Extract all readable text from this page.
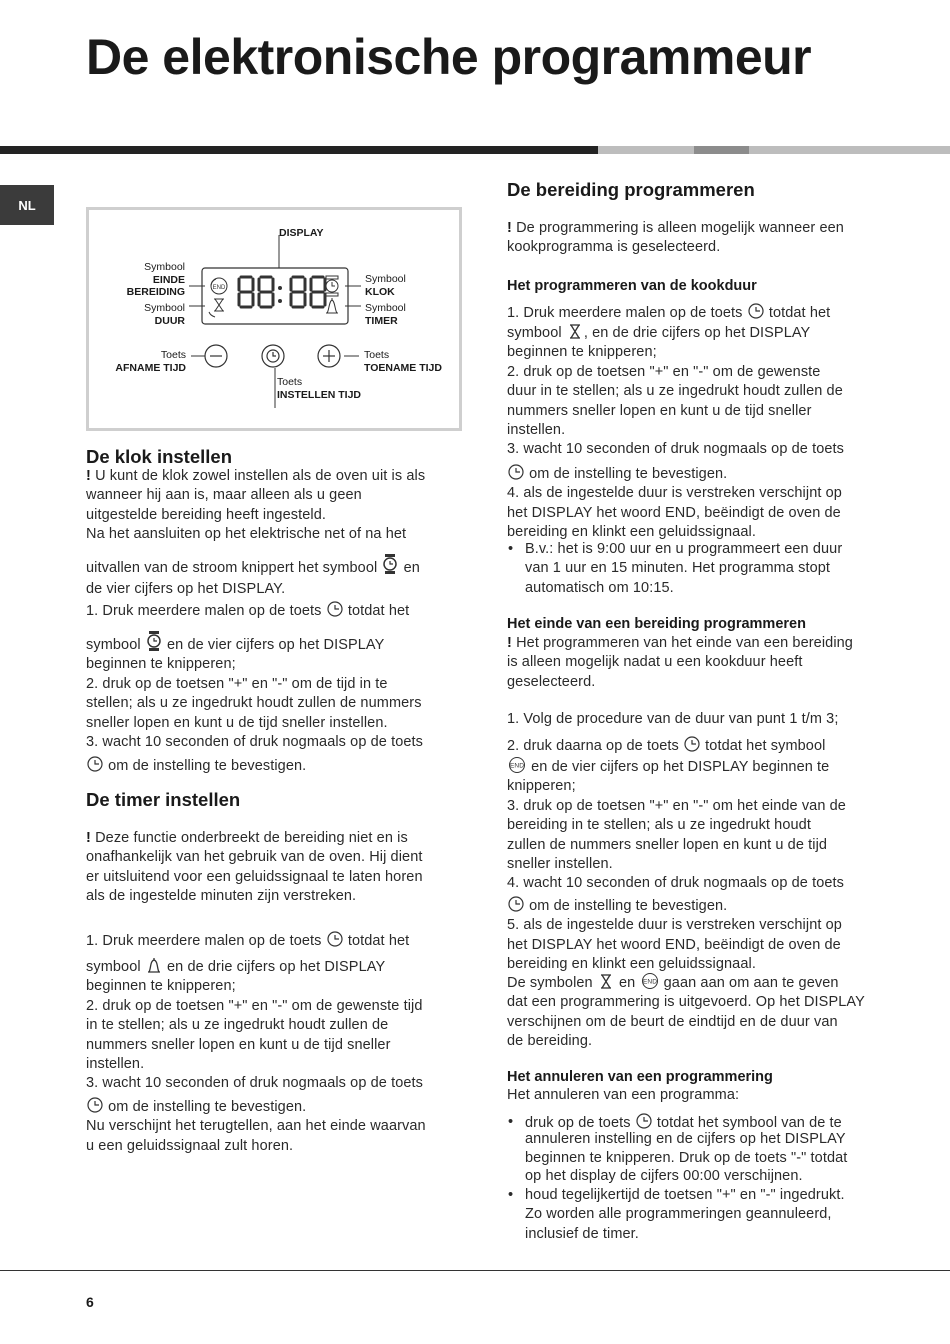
De elektronische programmeur
NL
END
DISPLAY
Symbool
EINDE
BEREIDING
Symbool
DUUR
Symbool
KLOK
Symbool
TIMER
Toets
AFNAME TIJD
Toets
TOENAME TIJD
Toets
INSTELLEN TIJD
De klok instellen
! U kunt de klok zowel instellen als de oven uit is als
wanneer hij aan is, maar alleen als u geen
uitgestelde bereiding heeft ingesteld.
Na het aansluiten op het elektrische net of na het
uitvallen van de stroom knippert het symbool en
de vier cijfers op het DISPLAY.
1. Druk meerdere malen op de toets totdat het
symbool en de vier cijfers op het DISPLAY
beginnen te knipperen;
2. druk op de toetsen "+" en "-" om de tijd in te
stellen; als u ze ingedrukt houdt zullen de nummers
sneller lopen en kunt u de tijd sneller instellen.
3. wacht 10 seconden of druk nogmaals op de toets
om de instelling te bevestigen.
De timer instellen
! Deze functie onderbreekt de bereiding niet en is
onafhankelijk van het gebruik van de oven. Hij dient
er uitsluitend voor een geluidssignaal te laten horen
als de ingestelde minuten zijn verstreken.
1. Druk meerdere malen op de toets totdat het
symbool en de drie cijfers op het DISPLAY
beginnen te knipperen;
2. druk op de toetsen "+" en "-" om de gewenste tijd
in te stellen; als u ze ingedrukt houdt zullen de
nummers sneller lopen en kunt u de tijd sneller
instellen.
3. wacht 10 seconden of druk nogmaals op de toets
om de instelling te bevestigen.
Nu verschijnt het terugtellen, aan het einde waarvan
u een geluidssignaal zult horen.
De bereiding programmeren
! De programmering is alleen mogelijk wanneer een
kookprogramma is geselecteerd.
Het programmeren van de kookduur
1. Druk meerdere malen op de toets totdat het
symbool , en de drie cijfers op het DISPLAY
beginnen te knipperen;
2. druk op de toetsen "+" en "-" om de gewenste
duur in te stellen; als u ze ingedrukt houdt zullen de
nummers sneller lopen en kunt u de tijd sneller
instellen.
3. wacht 10 seconden of druk nogmaals op de toets
om de instelling te bevestigen.
4. als de ingestelde duur is verstreken verschijnt op
het DISPLAY het woord END, beëindigt de oven de
bereiding en klinkt een geluidssignaal.
• B.v.: het is 9:00 uur en u programmeert een duur
van 1 uur en 15 minuten. Het programma stopt
automatisch om 10:15.
Het einde van een bereiding programmeren
! Het programmeren van het einde van een bereiding
is alleen mogelijk nadat u een kookduur heeft
geselecteerd.
1. Volg de procedure van de duur van punt 1 t/m 3;
2. druk daarna op de toets totdat het symbool
en de vier cijfers op het DISPLAY beginnen te
knipperen;
3. druk op de toetsen "+" en "-" om het einde van de
bereiding in te stellen; als u ze ingedrukt houdt
zullen de nummers sneller lopen en kunt u de tijd
sneller instellen.
4. wacht 10 seconden of druk nogmaals op de toets
om de instelling te bevestigen.
5. als de ingestelde duur is verstreken verschijnt op
het DISPLAY het woord END, beëindigt de oven de
bereiding en klinkt een geluidssignaal.
De symbolen en gaan aan om aan te geven
dat een programmering is uitgevoerd. Op het DISPLAY
verschijnen om de beurt de eindtijd en de duur van
de bereiding.
Het annuleren van een programmering
Het annuleren van een programma:
• druk op de toets totdat het symbool van de te
annuleren instelling en de cijfers op het DISPLAY
beginnen te knipperen. Druk op de toets "-" totdat
op het display de cijfers 00:00 verschijnen.
• houd tegelijkertijd de toetsen "+" en "-" ingedrukt.
Zo worden alle programmeringen geannuleerd,
inclusief de timer.
6
